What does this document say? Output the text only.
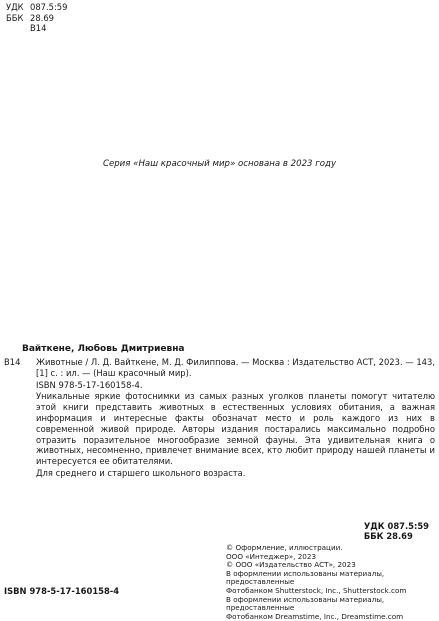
УДК 087.5:59
ББК 28.69
В14
Серия «Наш красочный мир» основана в 2023 году
Вайткене, Любовь Дмитриевна
В14 Животные / Л. Д. Вайткене, М. Д. Филиппова. — Москва : Издательство АСТ, 2023. — 143, [1] с. : ил. — (Наш красочный мир).

ISBN 978-5-17-160158-4.

Уникальные яркие фотоснимки из самых разных уголков планеты помогут читателю этой книги представить животных в естественных условиях обитания, а важная информация и интересные факты обозначат место и роль каждого из них в современной живой природе. Авторы издания постарались максимально подробно отразить поразительное многообразие земной фауны. Эта удивительная книга о животных, несомненно, привлечет внимание всех, кто любит природу нашей планеты и интересуется ее обитателями.

Для среднего и старшего школьного возраста.

УДК 087.5:59
ББК 28.69

© Оформление, иллюстрации.

ООО «Интеджер», 2023

© ООО «Издательство АСТ», 2023

В оформлении использованы материалы, предоставленные

Фотобанком Shutterstock, Inc., Shutterstock.com

В оформлении использованы материалы, предоставленные

Фотобанком Dreamstime, Inc., Dreamstime.com

ISBN 978-5-17-160158-4
